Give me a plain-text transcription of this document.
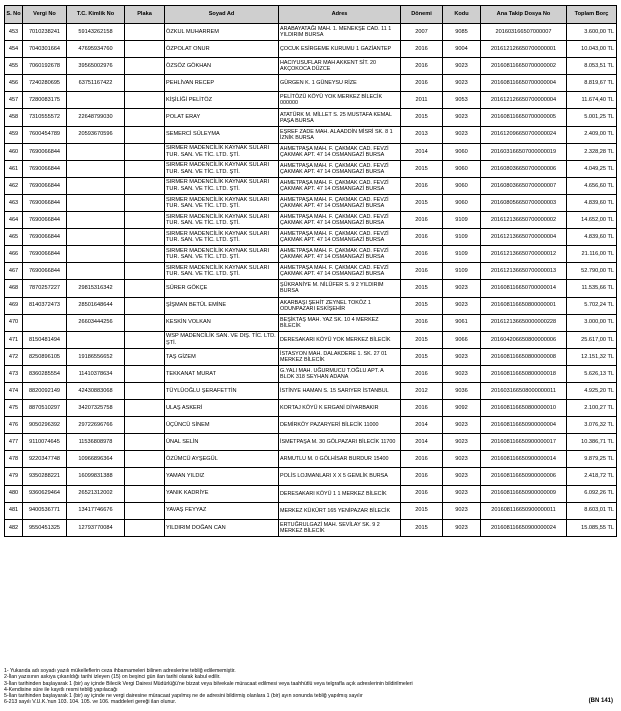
S. No	Vergi No	T.C. Kimlik No	Plaka	Soyad Ad	Adres	Dönemi	Kodu	Ana Takip Dosya No	Toplam Borç
453	7010238241	59143262158		ÖZKUL MUHARREM	ARABAYATAĞI MAH. 1. MENEKŞE CAD. 11 1 YILDIRIM BURSA	2007	9085	201603166507000007	3.600,00 TL
454	7040301664	47695934760		ÖZPOLAT ONUR	ÇOCUK ESİRGEME KURUMU 1 GAZİANTEP	2016	9004	201612126650700000001	10.043,00 TL
455	7060192678	39565002976		ÖZSÖZ GÖKHAN	HACIYUSUFLAR MAH AKKENT SİT. 20 AKÇOKOCA DÜZCE	2016	9023	201608116650700000002	8.053,51 TL
456	7240280695	63751167422		PEHLİVAN RECEP	GÜRGEN K. 1 GÜNEYSU RİZE	2016	9023	201608116650700000004	8.819,67 TL
457	7280083175			KİŞİLİĞİ PELİTÖZ	PELİTÖZÜ KÖYÜ YOK MERKEZ BİLECİK 000000	2011	9053	201612126650700000004	11.674,40 TL
458	7310555572	22648799030		POLAT ERAY	ATATÜRK M. MİLLET S. 25 MUSTAFA KEMAL PAŞA BURSA	2015	9023	201608116650700000005	5.001,25 TL
459	7600454789	20593670596		SEMERCİ SÜLEYMA	EŞREF ZADE MAH. ALAADDİN MİSRİ SK. 8 1 İZNİK BURSA	2013	9023	201612096650700000024	2.409,00 TL
460	7690066844			SIRMER MADENCİLİK KAYNAK SULARI TUR. SAN. VE TİC. LTD. ŞTİ.	AHMETPAŞA MAH. F. ÇAKMAK CAD. FEVZİ ÇAKMAK APT. 47 14 OSMANGAZİ BURSA	2014	9060	201603166507000000019	2.328,28 TL
461	7690066844			SIRMER MADENCİLİK KAYNAK SULARI TUR. SAN. VE TİC. LTD. ŞTİ.	AHMETPAŞA MAH. F. ÇAKMAK CAD. FEVZİ ÇAKMAK APT. 47 14 OSMANGAZİ BURSA	2015	9060	201608036650700000006	4.049,25 TL
462	7690066844			SIRMER MADENCİLİK KAYNAK SULARI TUR. SAN. VE TİC. LTD. ŞTİ.	AHMETPAŞA MAH. F. ÇAKMAK CAD. FEVZİ ÇAKMAK APT. 47 14 OSMANGAZİ BURSA	2016	9060	201608036650700000007	4.656,60 TL
463	7690066844			SIRMER MADENCİLİK KAYNAK SULARI TUR. SAN. VE TİC. LTD. ŞTİ.	AHMETPAŞA MAH. F. ÇAKMAK CAD. FEVZİ ÇAKMAK APT. 47 14 OSMANGAZİ BURSA	2015	9060	201608056650700000003	4.839,60 TL
464	7690066844			SIRMER MADENCİLİK KAYNAK SULARI TUR. SAN. VE TİC. LTD. ŞTİ.	AHMETPAŞA MAH. F. ÇAKMAK CAD. FEVZİ ÇAKMAK APT. 47 14 OSMANGAZİ BURSA	2016	9109	201612136650700000002	14.652,00 TL
465	7690066844			SIRMER MADENCİLİK KAYNAK SULARI TUR. SAN. VE TİC. LTD. ŞTİ.	AHMETPAŞA MAH. F. ÇAKMAK CAD. FEVZİ ÇAKMAK APT. 47 14 OSMANGAZİ BURSA	2016	9109	201612136650700000004	4.839,60 TL
466	7690066844			SIRMER MADENCİLİK KAYNAK SULARI TUR. SAN. VE TİC. LTD. ŞTİ.	AHMETPAŞA MAH. F. ÇAKMAK CAD. FEVZİ ÇAKMAK APT. 47 14 OSMANGAZİ BURSA	2016	9109	201612136650700000012	21.116,00 TL
467	7690066844			SIRMER MADENCİLİK KAYNAK SULARI TUR. SAN. VE TİC. LTD. ŞTİ.	AHMETPAŞA MAH. F. ÇAKMAK CAD. FEVZİ ÇAKMAK APT. 47 14 OSMANGAZİ BURSA	2016	9109	201612136650700000013	52.790,00 TL
468	7870257227	29815316342		SÜRER GÖKÇE	ŞÜKRANİYE M. NİLÜFER S. 9 2 YILDIRIM BURSA	2015	9023	201608116650700000014	11.535,66 TL
469	8140372473	28501648644		ŞİŞMAN BETÜL EMİNE	AKARBAŞI ŞEHİT ZEYNEL TOKÖZ 1 ODUNPAZARI ESKİŞEHİR	2015	9023	201608116650800000001	5.702,24 TL
470		26603444256		KESKİN VOLKAN	BEŞİKTAŞ MAH. YAZ SK. 10 4 MERKEZ BİLECİK	2016	9061	201612136650000000228	3.000,00 TL
471	8150481494			WSP MADENCİLİK SAN. VE DIŞ. TİC. LTD. ŞTİ.	DERESAKARI KÖYÜ YOK MERKEZ BİLECİK	2015	9066	201604206650800000006	25.617,00 TL
472	8250896105	19186556652		TAŞ GİZEM	İSTASYON MAH. DALAKDERE 1. SK. 27 01 MERKEZ BİLECİK	2015	9023	201608116650800000008	12.151,32 TL
473	8360285554	11410378634		TEKKANAT MURAT	G.YALI MAH. UĞURMUCU T.OĞLU APT. A BLOK 318 SEYHAN ADANA	2016	9023	201608116650800000018	5.626,13 TL
474	8820092149	42430883068		TÜYLÜOĞLU ŞERAFETTİN	İSTİNYE HAMAN S. 15 SARIYER İSTANBUL	2012	9036	201603166508000000011	4.925,20 TL
475	8870510297	34207325758		ULAŞ ASKERİ	KORTAJ KÖYÜ K ERGANİ DİYARBAKIR	2016	9092	201608116650800000010	2.100,27 TL
476	9050296392	29722696766		ÜÇÜNCÜ SİNEM	DEMİRKÖY PAZARYERİ BİLECİK 11000	2014	9023	201608116650900000004	3.076,32 TL
477	9110074645	11536808978		ÜNAL SELİN	İSMETPAŞA M. 30 GÖLPAZARI BİLECİK 11700	2014	9023	201608116650900000017	10.386,71 TL
478	9220347748	10966896364		ÖZÜMCÜ AYŞEGÜL	ARMUTLU M. 0 GÖLHİSAR BURDUR 15400	2016	9023	201608116650900000014	9.879,25 TL
479	9350288221	16099831388		YAMAN YILDIZ	POLİS LOJMANLARI X X 5 GEMLİK BURSA	2016	9023	201608116650900000006	2.418,72 TL
480	9360629464	26521312002		YANIK KADRİYE	DERESAKARI KÖYÜ 1 1 MERKEZ BİLECİK	2016	9023	201608116650900000009	6.092,26 TL
481	9400536771	13417746676		YAVAŞ FEYYAZ	MERKEZ KÜKÜRT 165 YENİPAZAR BİLECİK	2015	9023	201608116650900000011	8.603,01 TL
482	9550451325	12793770084		YILDIRIM DOĞAN CAN	ERTUĞRULGAZİ MAH. SEVİLAY SK. 9 2 MERKEZ BİLECİK	2015	9023	201608116650900000024	15.085,55 TL
1- Yukarıda adı soyadı yazılı mükelleflerin ceza ihbarnameleri bilinen adreslerine tebliğ edilememiştir.
2-İlan yazısının askıya çıkarıldığı tarihi izleyen (15) on beşinci gün ilan tarihi olarak kabul edilir.
3-İlan tarihinden başlayarak 1 (bir) ay içinde Bilecik Vergi Dairesi Müdürlüğü'ne bizzat veya bilvekale müracaat edilmesi veya taahhütlü veya telgrafla açık adreslerinin bildirilmeleri
4-Kendisine süre ile kayıtlı resmi tebliğ yapılacağı
5-İlan tarihinden başlayarak 1 (bir) ay içinde ne vergi dairesine müracaat yapılmış ne de adresini bildirmiş olanlara 1 (bir) ayın sonunda tebliğ yapılmış sayılır
6-213 sayılı V.U.K.'nun 103. 104. 105. ve 106. maddeleri gereği ilan olunur.	(BN 141)
